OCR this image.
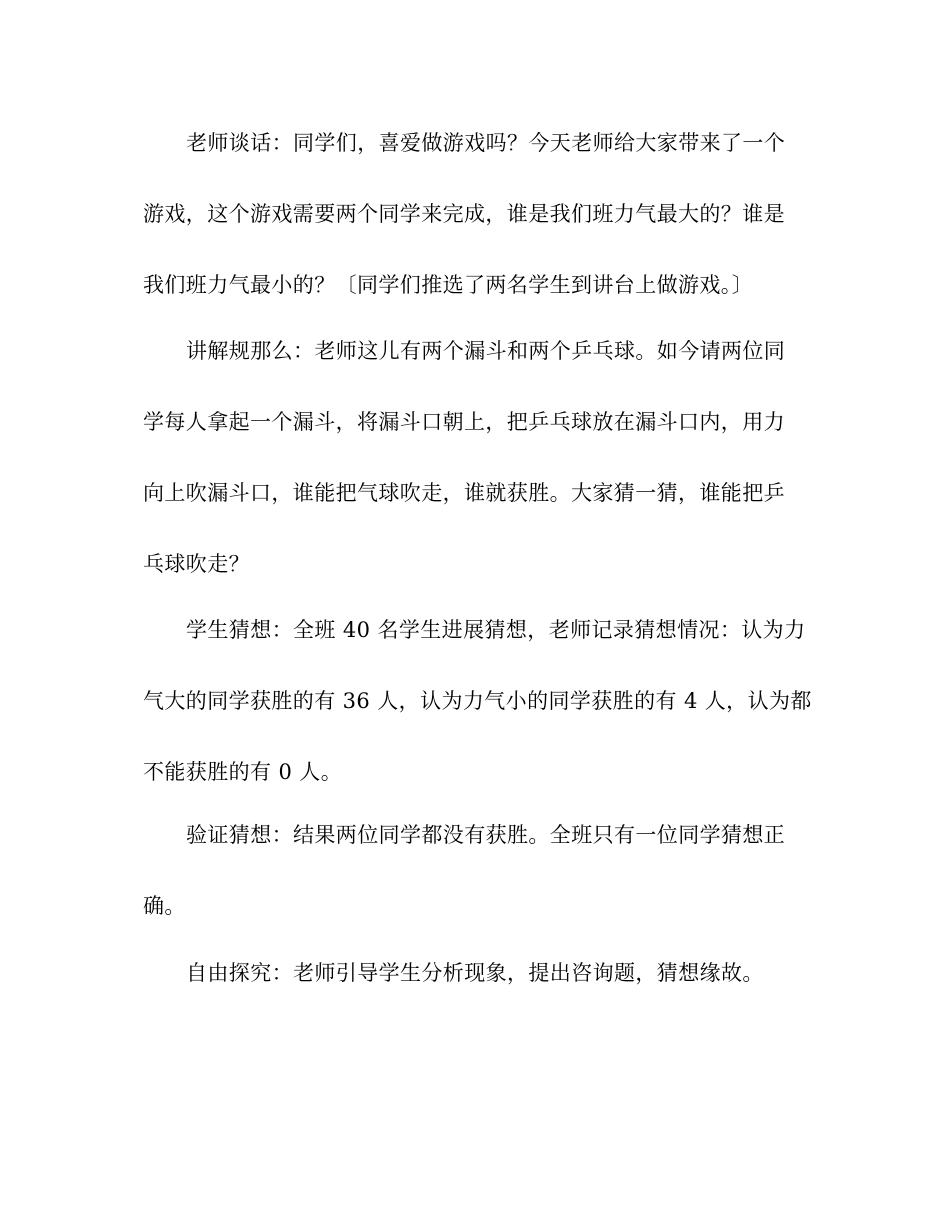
老师谈话：同学们，喜爱做游戏吗？今天老师给大家带来了一个
游戏，这个游戏需要两个同学来完成，谁是我们班力气最大的？谁是
我们班力气最小的？〔同学们推选了两名学生到讲台上做游戏。〕
讲解规那么：老师这儿有两个漏斗和两个乒乓球。如今请两位同
学每人拿起一个漏斗，将漏斗口朝上，把乒乓球放在漏斗口内，用力
向上吹漏斗口，谁能把气球吹走，谁就获胜。大家猜一猜，谁能把乒
乓球吹走？
学生猜想：全班 40 名学生进展猜想，老师记录猜想情况：认为力
气大的同学获胜的有 36 人，认为力气小的同学获胜的有 4 人，认为都
不能获胜的有 0 人。
验证猜想：结果两位同学都没有获胜。全班只有一位同学猜想正
确。
自由探究：老师引导学生分析现象，提出咨询题，猜想缘故。
